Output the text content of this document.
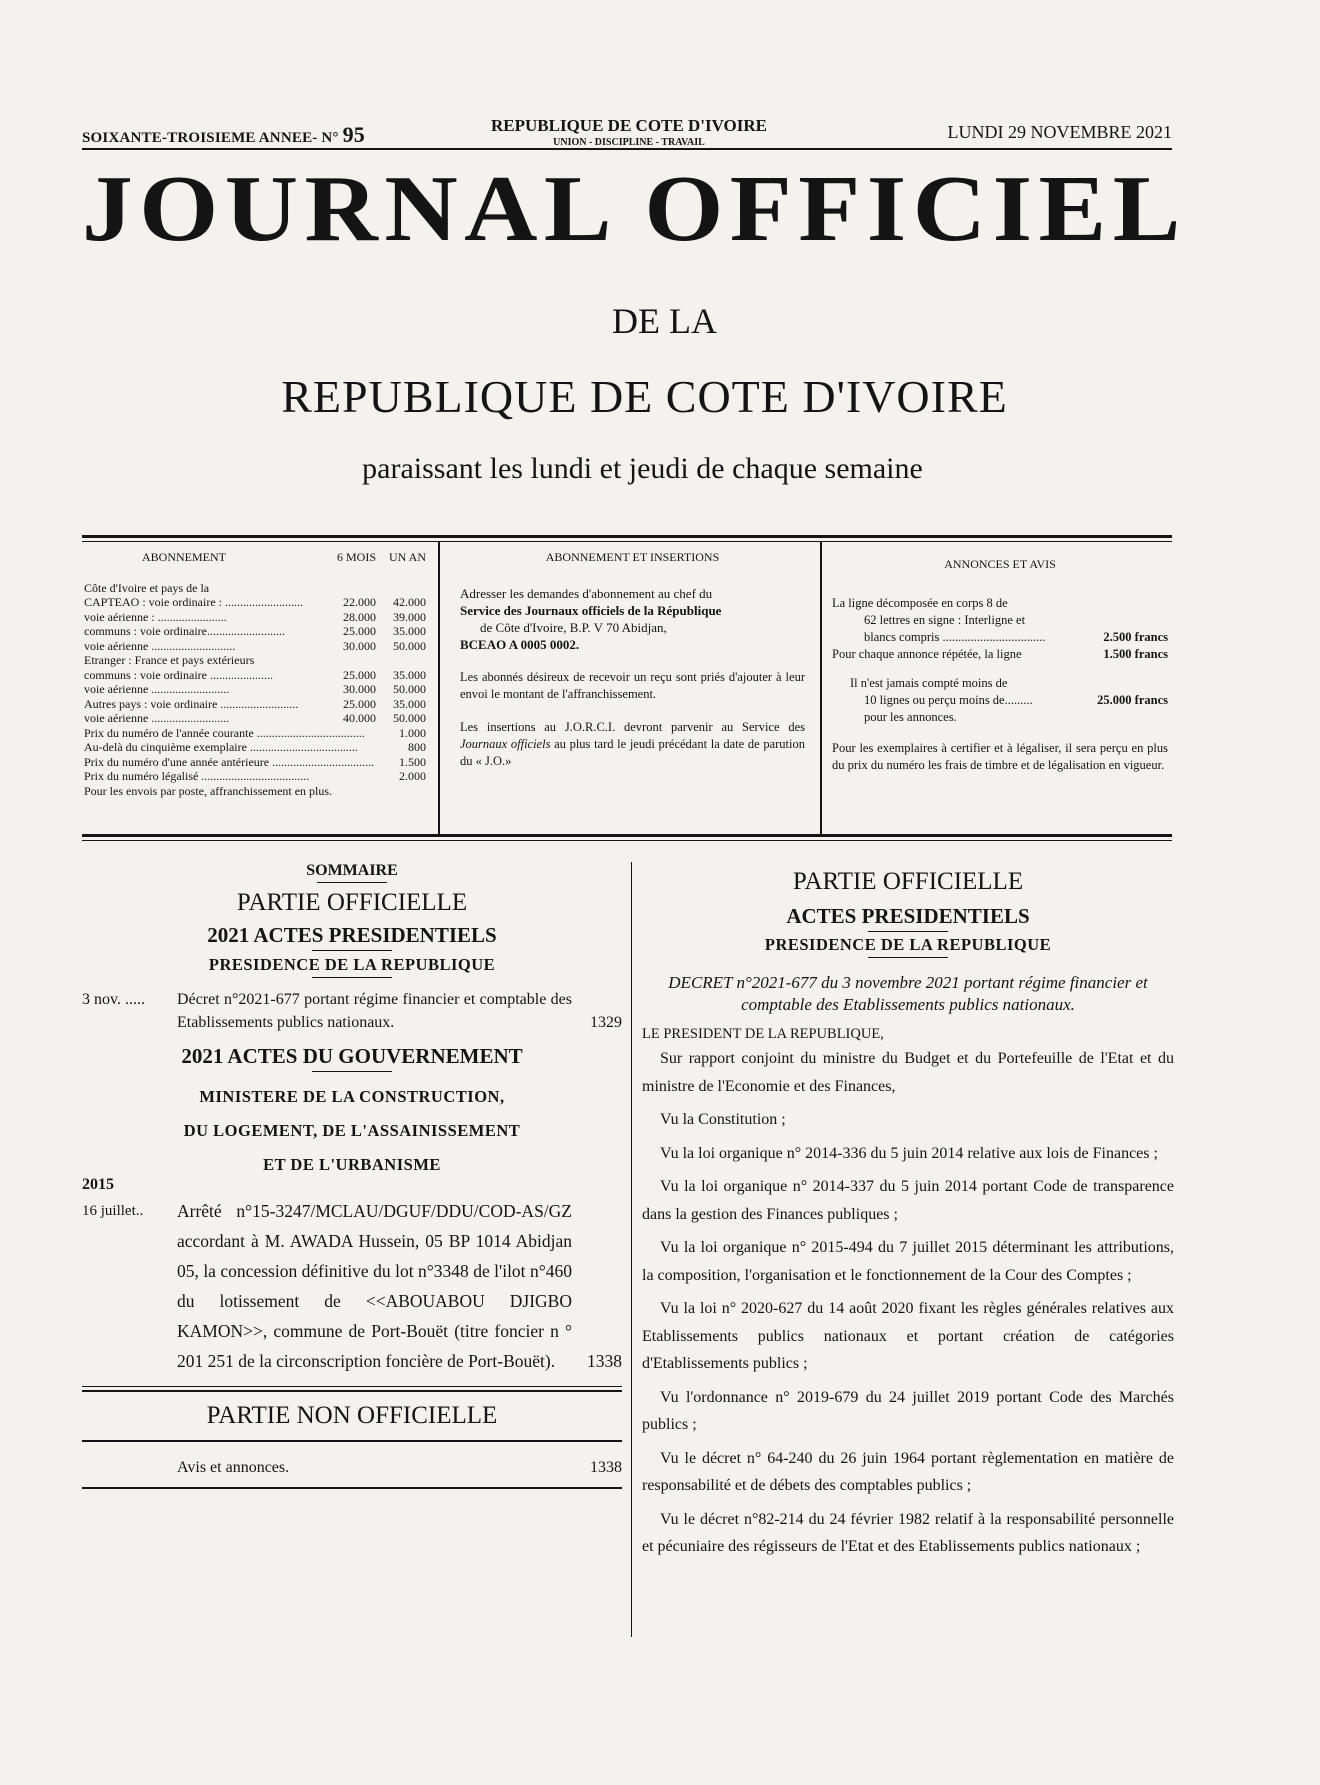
SOIXANTE-TROISIEME ANNEE- N° 95	REPUBLIQUE DE COTE D'IVOIRE
UNION - DISCIPLINE - TRAVAIL
LUNDI 29 NOVEMBRE 2021
JOURNAL OFFICIEL
DE LA
REPUBLIQUE DE COTE D'IVOIRE
paraissant les lundi et jeudi de chaque semaine
ABONNEMENT	6 MOIS	UN AN
Côte d'Ivoire et pays de la
CAPTEAO : voie ordinaire : ..........................	22.000	42.000
voie aérienne : .......................	28.000	39.000
communs : voie ordinaire..........................	25.000	35.000
voie aérienne ............................	30.000	50.000
Etranger : France et pays extérieurs
communs : voie ordinaire .....................	25.000	35.000
voie aérienne ..........................	30.000	50.000
Autres pays : voie ordinaire ..........................	25.000	35.000
voie aérienne ..........................	40.000	50.000
Prix du numéro de l'année courante ....................................	1.000
Au-delà du cinquième exemplaire ....................................	800
Prix du numéro d'une année antérieure .................................. 1.500
Prix du numéro légalisé ....................................	2.000
Pour les envois par poste, affranchissement en plus.
ABONNEMENT ET INSERTIONS
Adresser les demandes d'abonnement au chef du
Service des Journaux officiels de la République
de Côte d'Ivoire, B.P. V 70 Abidjan,
BCEAO A 0005 0002.
Les abonnés désireux de recevoir un reçu sont priés d'ajouter à leur envoi le montant de l'affranchissement.
Les insertions au J.O.R.C.I. devront parvenir au Service des Journaux officiels au plus tard le jeudi précédant la date de parution du « J.O.»
ANNONCES ET AVIS
La ligne décomposée en corps 8 de
62 lettres en signe : Interligne et
blancs compris .................................	2.500 francs
Pour chaque annonce répétée, la ligne	1.500 francs
Il n'est jamais compté moins de
10 lignes ou perçu moins de.........	25.000 francs
pour les annonces.
Pour les exemplaires à certifier et à légaliser, il sera perçu en plus du prix du numéro les frais de timbre et de légalisation en vigueur.
SOMMAIRE
PARTIE OFFICIELLE
2021 ACTES PRESIDENTIELS
PRESIDENCE DE LA REPUBLIQUE
3 nov. .....	Décret n°2021-677 portant régime financier et comptable des Etablissements publics nationaux.	1329
2021 ACTES DU GOUVERNEMENT
MINISTERE DE LA CONSTRUCTION,
DU LOGEMENT, DE L'ASSAINISSEMENT
ET DE L'URBANISME
2015
16 juillet..	Arrêté n°15-3247/MCLAU/DGUF/DDU/COD-AS/GZ accordant à M. AWADA Hussein, 05 BP 1014 Abidjan 05, la concession définitive du lot n°3348 de l'ilot n°460 du lotissement de <<ABOUABOU DJIGBO KAMON>>, commune de Port-Bouët (titre foncier n ° 201 251 de la circonscription foncière de Port-Bouët).	1338
PARTIE NON OFFICIELLE
Avis et annonces.	1338
PARTIE OFFICIELLE
ACTES PRESIDENTIELS
PRESIDENCE DE LA REPUBLIQUE
DECRET n°2021-677 du 3 novembre 2021 portant régime financier et comptable des Etablissements publics nationaux.
LE PRESIDENT DE LA REPUBLIQUE,

Sur rapport conjoint du ministre du Budget et du Portefeuille de l'Etat et du ministre de l'Economie et des Finances,

Vu la Constitution ;

Vu la loi organique n° 2014-336 du 5 juin 2014 relative aux lois de Finances ;

Vu la loi organique n° 2014-337 du 5 juin 2014 portant Code de transparence dans la gestion des Finances publiques ;

Vu la loi organique n° 2015-494 du 7 juillet 2015 déterminant les attributions, la composition, l'organisation et le fonctionnement de la Cour des Comptes ;

Vu la loi n° 2020-627 du 14 août 2020 fixant les règles générales relatives aux Etablissements publics nationaux et portant création de catégories d'Etablissements publics ;

Vu l'ordonnance n° 2019-679 du 24 juillet 2019 portant Code des Marchés publics ;

Vu le décret n° 64-240 du 26 juin 1964 portant règlementation en matière de responsabilité et de débets des comptables publics ;

Vu le décret n°82-214 du 24 février 1982 relatif à la responsabilité personnelle et pécuniaire des régisseurs de l'Etat et des Etablissements publics nationaux ;
